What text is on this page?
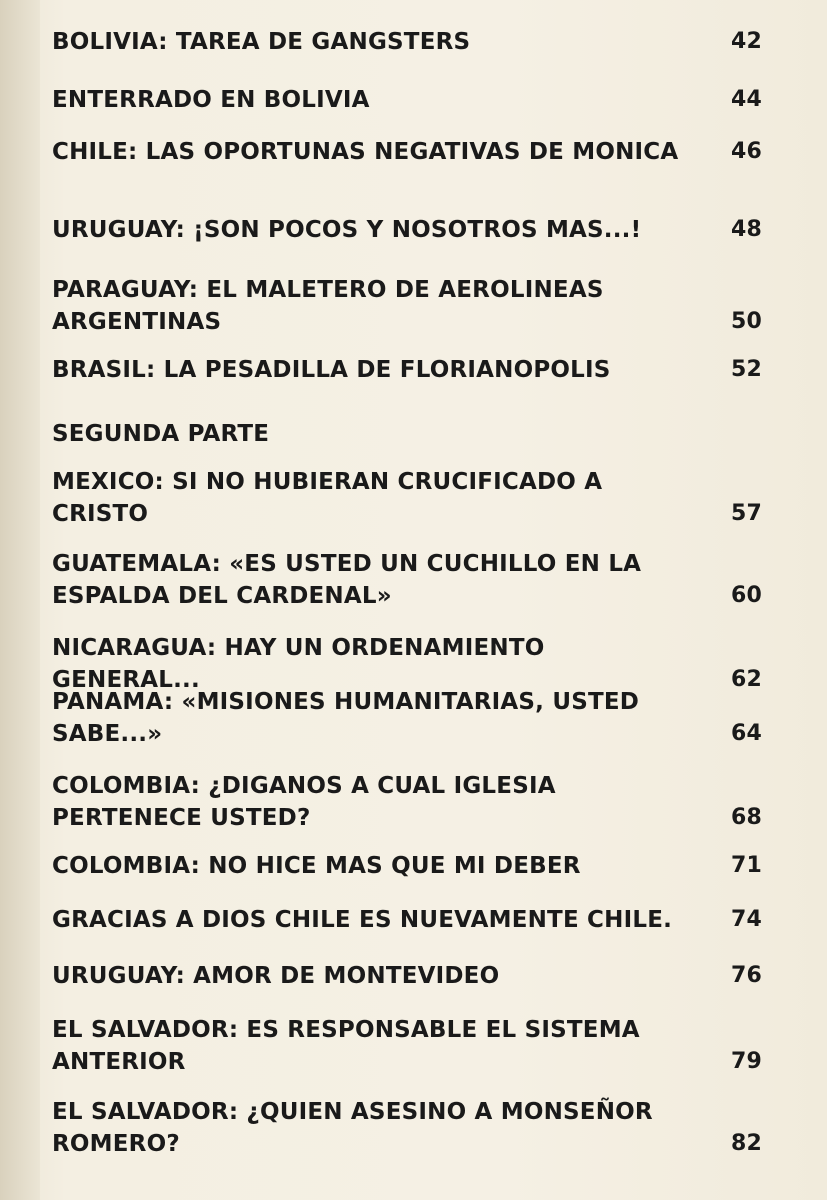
BOLIVIA: TAREA DE GANGSTERS	42
ENTERRADO EN BOLIVIA	44
CHILE: LAS OPORTUNAS NEGATIVAS DE MONICA	46
URUGUAY: ¡SON POCOS Y NOSOTROS MAS...!	48
PARAGUAY: EL MALETERO DE AEROLINEAS ARGENTINAS	50
BRASIL: LA PESADILLA DE FLORIANOPOLIS	52
SEGUNDA PARTE
MEXICO: SI NO HUBIERAN CRUCIFICADO A CRISTO	57
GUATEMALA: «ES USTED UN CUCHILLO EN LA ESPALDA DEL CARDENAL»	60
NICARAGUA: HAY UN ORDENAMIENTO GENERAL...	62
PANAMA: «MISIONES HUMANITARIAS, USTED SABE...»	64
COLOMBIA: ¿DIGANOS A CUAL IGLESIA PERTENECE USTED?	68
COLOMBIA: NO HICE MAS QUE MI DEBER	71
GRACIAS A DIOS CHILE ES NUEVAMENTE CHILE.	74
URUGUAY: AMOR DE MONTEVIDEO	76
EL SALVADOR: ES RESPONSABLE EL SISTEMA ANTERIOR	79
EL SALVADOR: ¿QUIEN ASESINO A MONSEÑOR ROMERO?	82
